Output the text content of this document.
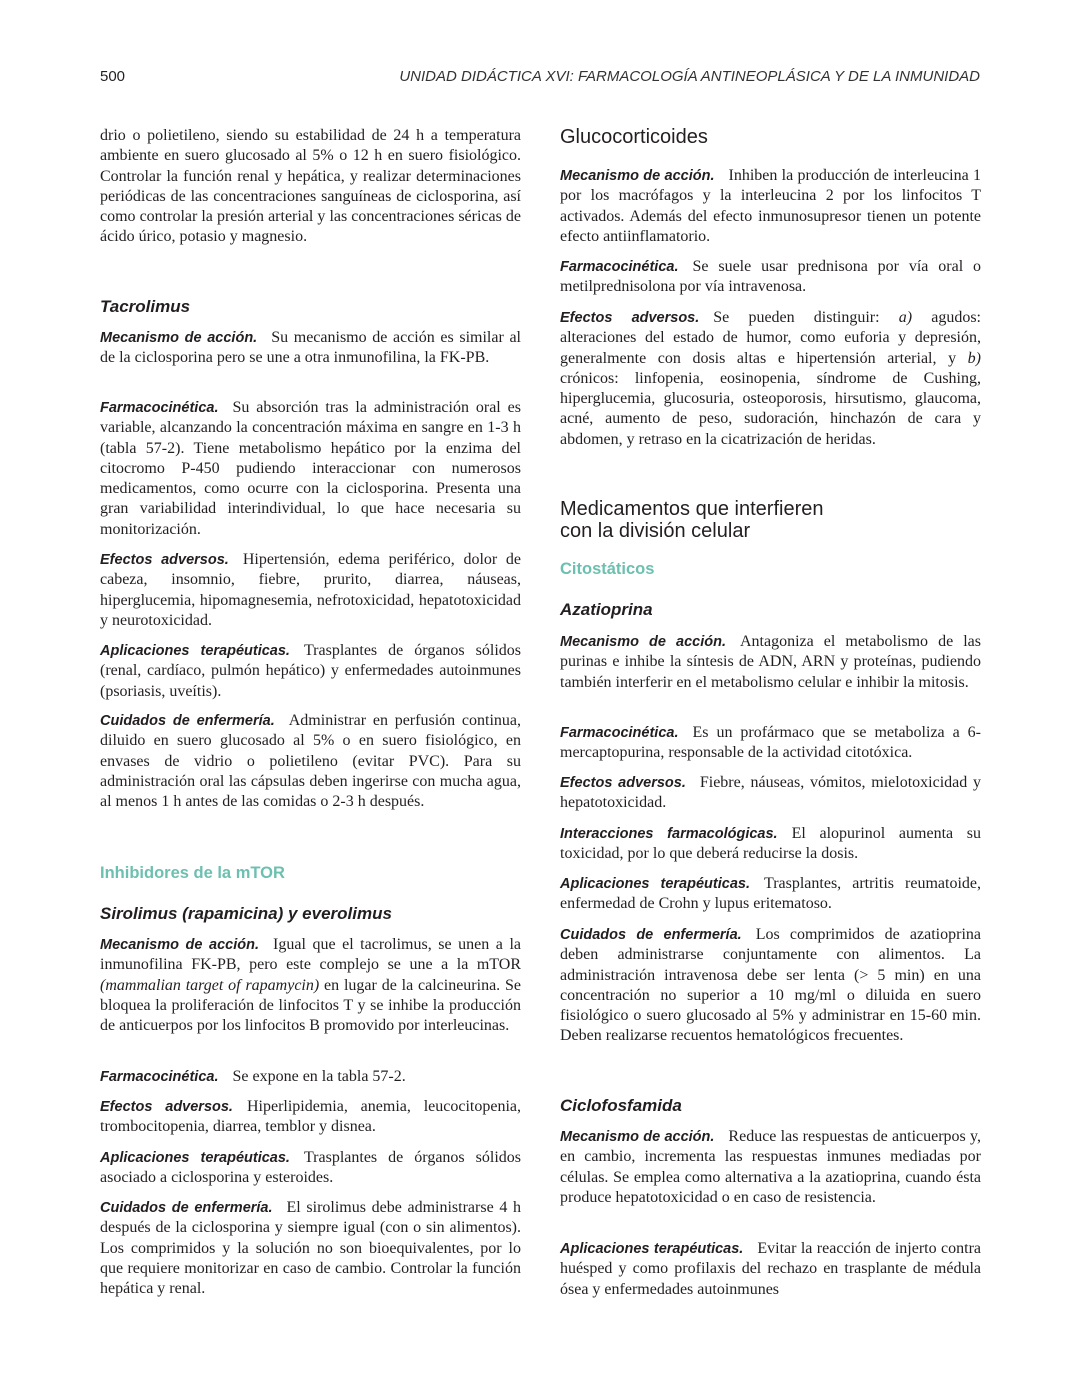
500	UNIDAD DIDÁCTICA XVI: FARMACOLOGÍA ANTINEOPLÁSICA Y DE LA INMUNIDAD

drio o polietileno, siendo su estabilidad de 24 h a temperatura ambiente en suero glucosado al 5% o 12 h en suero fisiológico. Controlar la función renal y hepática, y realizar determinaciones periódicas de las concentraciones sanguíneas de ciclosporina, así como controlar la presión arterial y las concentraciones séricas de ácido úrico, potasio y magnesio.

Tacrolimus

Mecanismo de acción. Su mecanismo de acción es similar al de la ciclosporina pero se une a otra inmunofilina, la FK-PB.

Farmacocinética. Su absorción tras la administración oral es variable, alcanzando la concentración máxima en sangre en 1-3 h (tabla 57-2). Tiene metabolismo hepático por la enzima del citocromo P-450 pudiendo interaccionar con numerosos medicamentos, como ocurre con la ciclosporina. Presenta una gran variabilidad interindividual, lo que hace necesaria su monitorización.

Efectos adversos. Hipertensión, edema periférico, dolor de cabeza, insomnio, fiebre, prurito, diarrea, náuseas, hiperglucemia, hipomagnesemia, nefrotoxicidad, hepatotoxicidad y neurotoxicidad.

Aplicaciones terapéuticas. Trasplantes de órganos sólidos (renal, cardíaco, pulmón hepático) y enfermedades autoinmunes (psoriasis, uveítis).

Cuidados de enfermería. Administrar en perfusión continua, diluido en suero glucosado al 5% o en suero fisiológico, en envases de vidrio o polietileno (evitar PVC). Para su administración oral las cápsulas deben ingerirse con mucha agua, al menos 1 h antes de las comidas o 2-3 h después.

Inhibidores de la mTOR
Sirolimus (rapamicina) y everolimus

Mecanismo de acción. Igual que el tacrolimus, se unen a la inmunofilina FK-PB, pero este complejo se une a la mTOR (mammalian target of rapamycin) en lugar de la calcineurina. Se bloquea la proliferación de linfocitos T y se inhibe la producción de anticuerpos por los linfocitos B promovido por interleucinas.

Farmacocinética. Se expone en la tabla 57-2.

Efectos adversos. Hiperlipidemia, anemia, leucocitopenia, trombocitopenia, diarrea, temblor y disnea.

Aplicaciones terapéuticas. Trasplantes de órganos sólidos asociado a ciclosporina y esteroides.

Cuidados de enfermería. El sirolimus debe administrarse 4 h después de la ciclosporina y siempre igual (con o sin alimentos). Los comprimidos y la solución no son bioequivalentes, por lo que requiere monitorizar en caso de cambio. Controlar la función hepática y renal.

Glucocorticoides

Mecanismo de acción. Inhiben la producción de interleucina 1 por los macrófagos y la interleucina 2 por los linfocitos T activados. Además del efecto inmunosupresor tienen un potente efecto antiinflamatorio.

Farmacocinética. Se suele usar prednisona por vía oral o metilprednisolona por vía intravenosa.

Efectos adversos. Se pueden distinguir: a) agudos: alteraciones del estado de humor, como euforia y depresión, generalmente con dosis altas e hipertensión arterial, y b) crónicos: linfopenia, eosinopenia, síndrome de Cushing, hiperglucemia, glucosuria, osteoporosis, hirsutismo, glaucoma, acné, aumento de peso, sudoración, hinchazón de cara y abdomen, y retraso en la cicatrización de heridas.

Medicamentos que interfieren
con la división celular
Citostáticos
Azatioprina

Mecanismo de acción. Antagoniza el metabolismo de las purinas e inhibe la síntesis de ADN, ARN y proteínas, pudiendo también interferir en el metabolismo celular e inhibir la mitosis.

Farmacocinética. Es un profármaco que se metaboliza a 6-mercaptopurina, responsable de la actividad citotóxica.

Efectos adversos. Fiebre, náuseas, vómitos, mielotoxicidad y hepatotoxicidad.

Interacciones farmacológicas. El alopurinol aumenta su toxicidad, por lo que deberá reducirse la dosis.

Aplicaciones terapéuticas. Trasplantes, artritis reumatoide, enfermedad de Crohn y lupus eritematoso.

Cuidados de enfermería. Los comprimidos de azatioprina deben administrarse conjuntamente con alimentos. La administración intravenosa debe ser lenta (> 5 min) en una concentración no superior a 10 mg/ml o diluida en suero fisiológico o suero glucosado al 5% y administrar en 15-60 min. Deben realizarse recuentos hematológicos frecuentes.

Ciclofosfamida

Mecanismo de acción. Reduce las respuestas de anticuerpos y, en cambio, incrementa las respuestas inmunes mediadas por células. Se emplea como alternativa a la azatioprina, cuando ésta produce hepatotoxicidad o en caso de resistencia.

Aplicaciones terapéuticas. Evitar la reacción de injerto contra huésped y como profilaxis del rechazo en trasplante de médula ósea y enfermedades autoinmunes
